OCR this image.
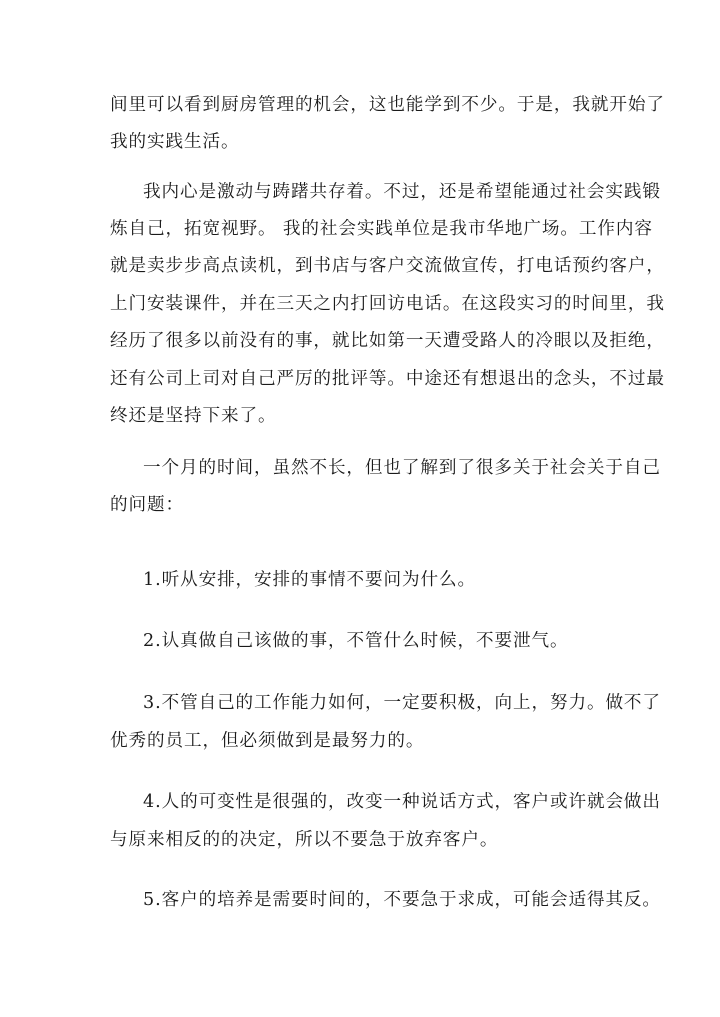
间里可以看到厨房管理的机会，这也能学到不少。于是，我就开始了
我的实践生活。
我内心是激动与踌躇共存着。不过，还是希望能通过社会实践锻
炼自己，拓宽视野。 我的社会实践单位是我市华地广场。工作内容
就是卖步步高点读机，到书店与客户交流做宣传，打电话预约客户，
上门安装课件，并在三天之内打回访电话。在这段实习的时间里，我
经历了很多以前没有的事，就比如第一天遭受路人的冷眼以及拒绝，
还有公司上司对自己严厉的批评等。中途还有想退出的念头，不过最
终还是坚持下来了。
一个月的时间，虽然不长，但也了解到了很多关于社会关于自己
的问题：
1.听从安排，安排的事情不要问为什么。
2.认真做自己该做的事，不管什么时候，不要泄气。
3.不管自己的工作能力如何，一定要积极，向上，努力。做不了
优秀的员工，但必须做到是最努力的。
4.人的可变性是很强的，改变一种说话方式，客户或许就会做出
与原来相反的的决定，所以不要急于放弃客户。
5.客户的培养是需要时间的，不要急于求成，可能会适得其反。
